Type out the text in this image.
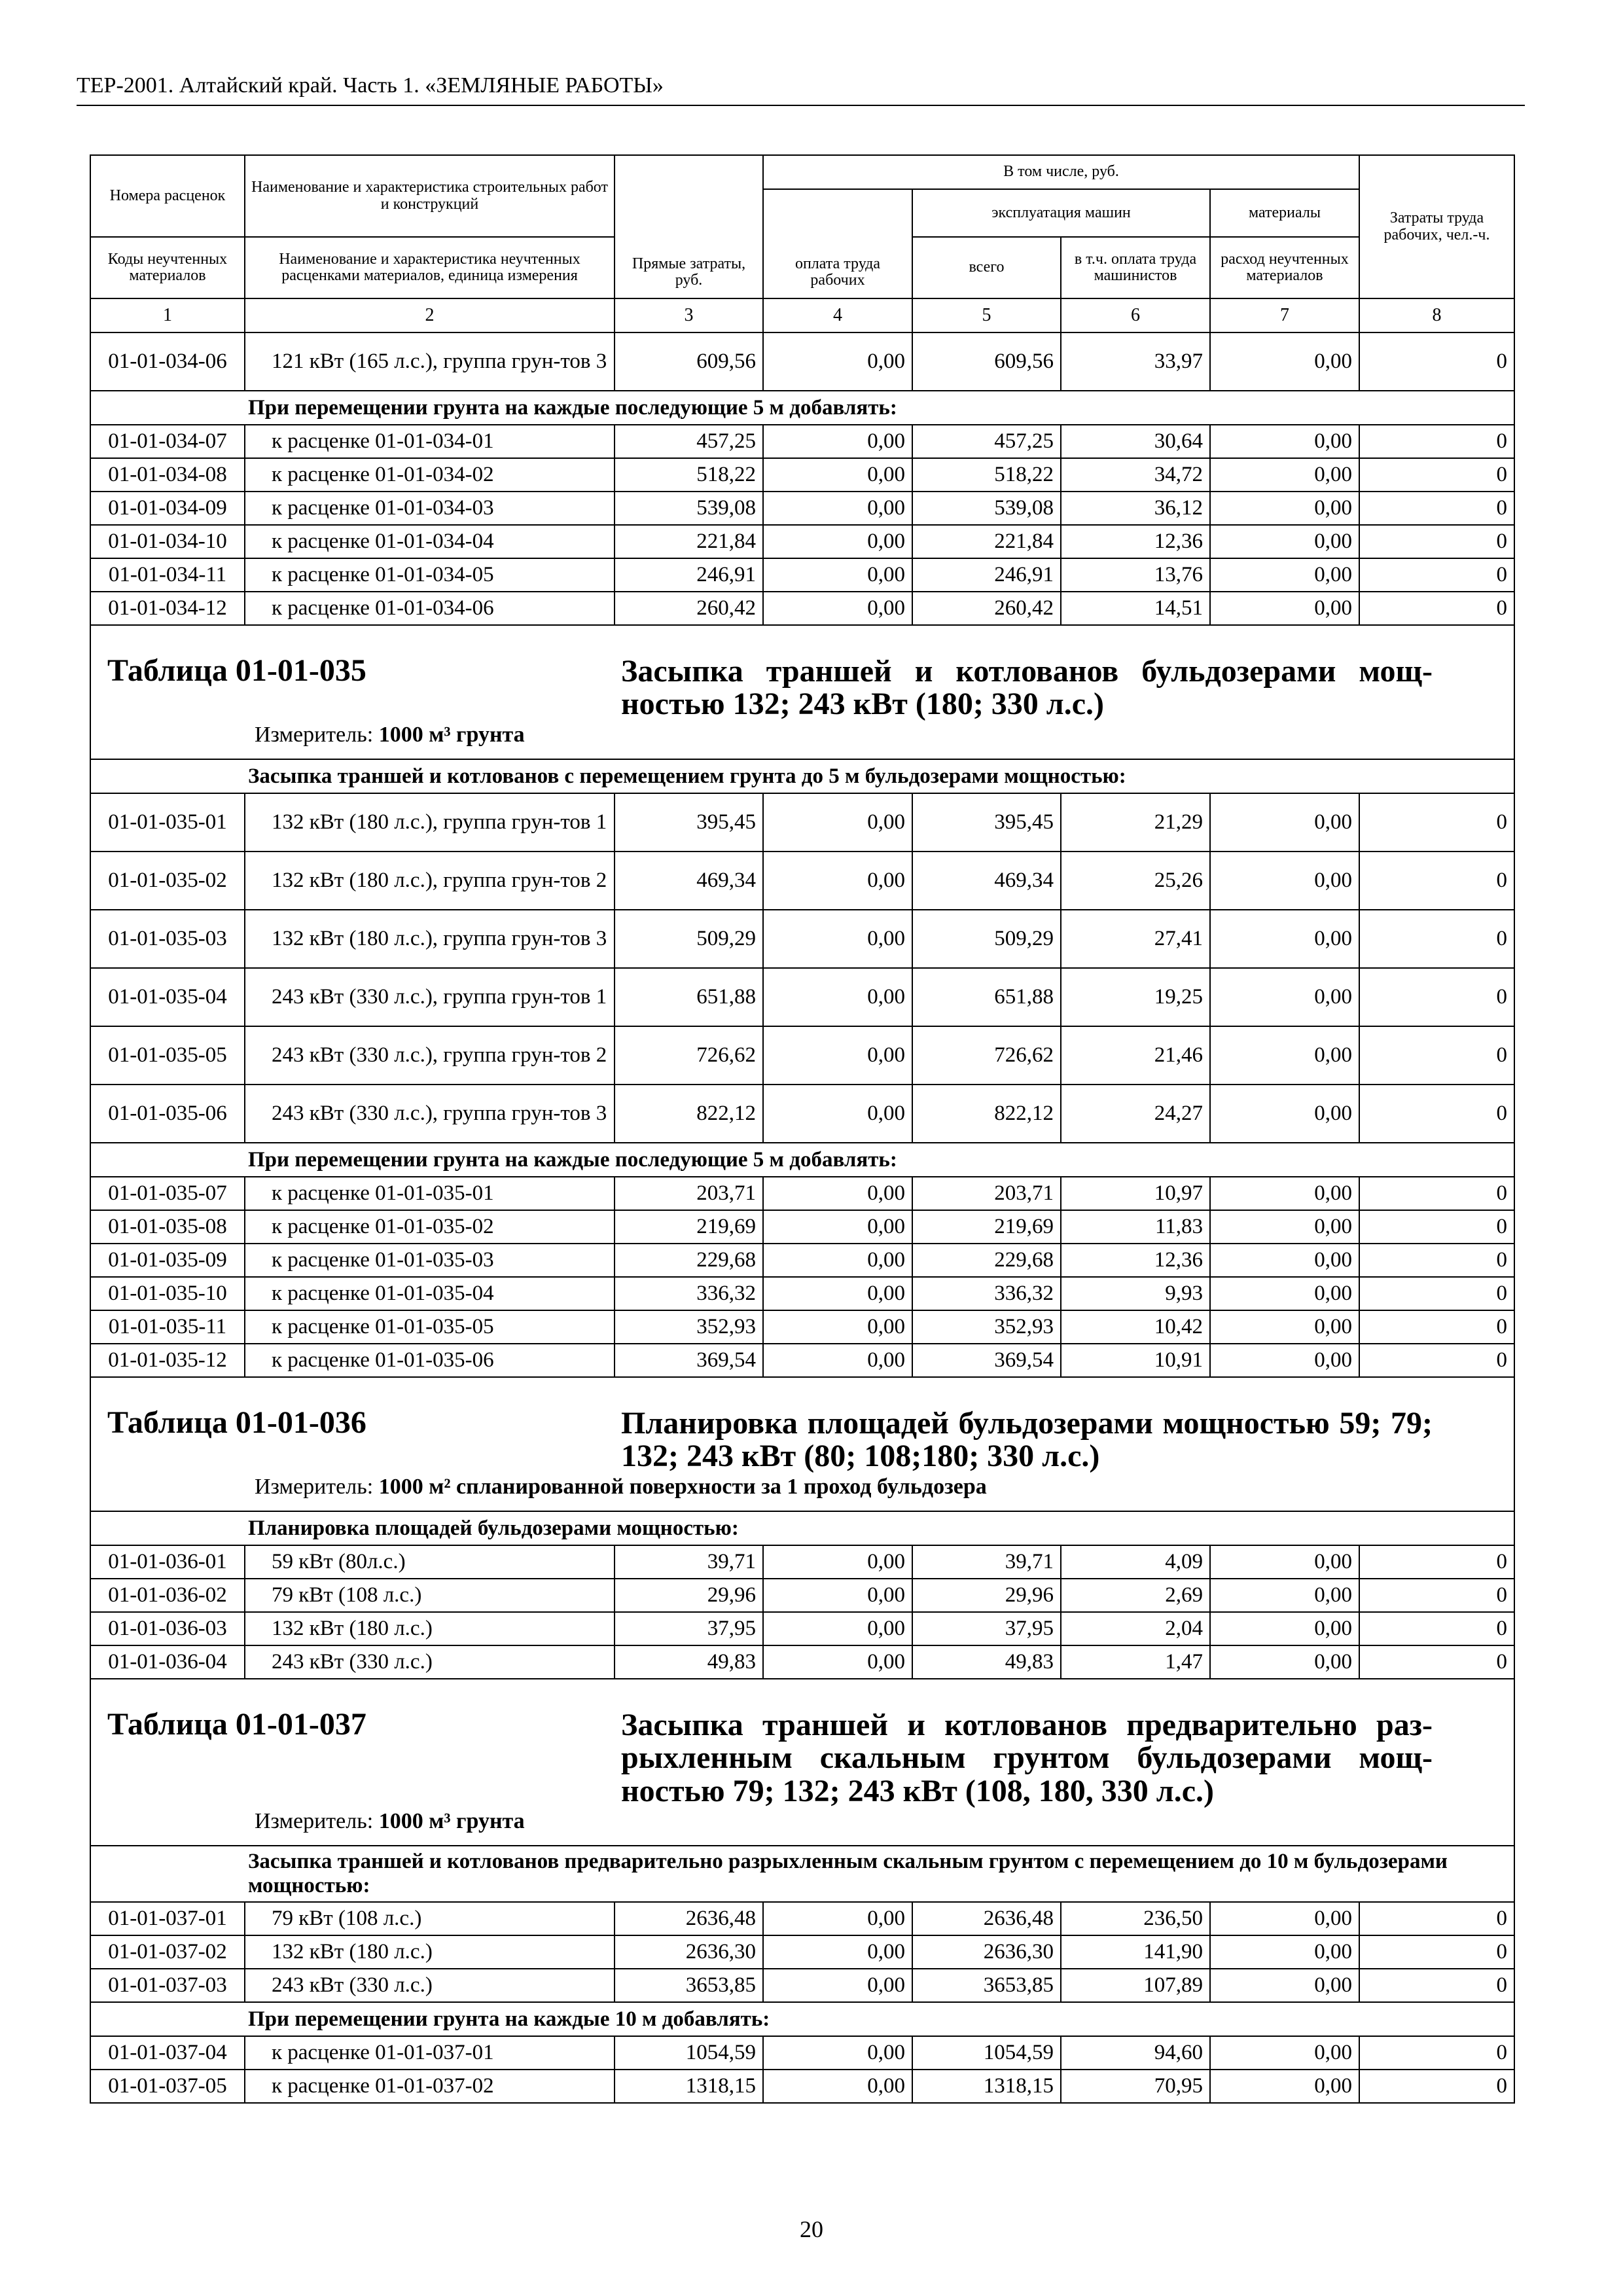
ТЕР-2001. Алтайский край. Часть 1. «ЗЕМЛЯНЫЕ РАБОТЫ»
Номера расценок	Наименование и характеристика строительных работ и конструкций	Прямые затраты, руб.	В том числе, руб.				Затраты труда рабочих, чел.-ч.
			оплата труда рабочих	эксплуатация машин		материалы	
Коды неучтенных материалов	Наименование и характеристика неучтенных расценками материалов, единица измерения			всего	в т.ч. оплата труда машинистов	расход неучтенных материалов	
1	2	3	4	5	6	7	8
01-01-034-06	121 кВт (165 л.с.), группа грун-тов 3	609,56	0,00	609,56	33,97	0,00	0
При перемещении грунта на каждые последующие 5 м добавлять:							
01-01-034-07	к расценке 01-01-034-01	457,25	0,00	457,25	30,64	0,00	0
01-01-034-08	к расценке 01-01-034-02	518,22	0,00	518,22	34,72	0,00	0
01-01-034-09	к расценке 01-01-034-03	539,08	0,00	539,08	36,12	0,00	0
01-01-034-10	к расценке 01-01-034-04	221,84	0,00	221,84	12,36	0,00	0
01-01-034-11	к расценке 01-01-034-05	246,91	0,00	246,91	13,76	0,00	0
01-01-034-12	к расценке 01-01-034-06	260,42	0,00	260,42	14,51	0,00	0

Таблица 01-01-035 Засыпка траншей и котлованов бульдозерами мощ-ностью 132; 243 кВт (180; 330 л.с.)
Измеритель: 1000 м³ грунта							

Засыпка траншей и котлованов с перемещением грунта до 5 м бульдозерами мощностью:							
01-01-035-01	132 кВт (180 л.с.), группа грун-тов 1	395,45	0,00	395,45	21,29	0,00	0
01-01-035-02	132 кВт (180 л.с.), группа грун-тов 2	469,34	0,00	469,34	25,26	0,00	0
01-01-035-03	132 кВт (180 л.с.), группа грун-тов 3	509,29	0,00	509,29	27,41	0,00	0
01-01-035-04	243 кВт (330 л.с.), группа грун-тов 1	651,88	0,00	651,88	19,25	0,00	0
01-01-035-05	243 кВт (330 л.с.), группа грун-тов 2	726,62	0,00	726,62	21,46	0,00	0
01-01-035-06	243 кВт (330 л.с.), группа грун-тов 3	822,12	0,00	822,12	24,27	0,00	0
При перемещении грунта на каждые последующие 5 м добавлять:							
01-01-035-07	к расценке 01-01-035-01	203,71	0,00	203,71	10,97	0,00	0
01-01-035-08	к расценке 01-01-035-02	219,69	0,00	219,69	11,83	0,00	0
01-01-035-09	к расценке 01-01-035-03	229,68	0,00	229,68	12,36	0,00	0
01-01-035-10	к расценке 01-01-035-04	336,32	0,00	336,32	9,93	0,00	0
01-01-035-11	к расценке 01-01-035-05	352,93	0,00	352,93	10,42	0,00	0
01-01-035-12	к расценке 01-01-035-06	369,54	0,00	369,54	10,91	0,00	0

Таблица 01-01-036 Планировка площадей бульдозерами мощностью 59; 79; 132; 243 кВт (80; 108;180; 330 л.с.)
Измеритель: 1000 м² спланированной поверхности за 1 проход бульдозера							

Планировка площадей бульдозерами мощностью:							
01-01-036-01	59 кВт (80л.с.)	39,71	0,00	39,71	4,09	0,00	0
01-01-036-02	79 кВт (108 л.с.)	29,96	0,00	29,96	2,69	0,00	0
01-01-036-03	132 кВт (180 л.с.)	37,95	0,00	37,95	2,04	0,00	0
01-01-036-04	243 кВт (330 л.с.)	49,83	0,00	49,83	1,47	0,00	0

Таблица 01-01-037 Засыпка траншей и котлованов предварительно раз-рыхленным скальным грунтом бульдозерами мощ-ностью 79; 132; 243 кВт (108, 180, 330 л.с.)
Измеритель: 1000 м³ грунта							

Засыпка траншей и котлованов предварительно разрыхленным скальным грунтом с перемещением до 10 м бульдозерами мощностью:							
01-01-037-01	79 кВт (108 л.с.)	2636,48	0,00	2636,48	236,50	0,00	0
01-01-037-02	132 кВт (180 л.с.)	2636,30	0,00	2636,30	141,90	0,00	0
01-01-037-03	243 кВт (330 л.с.)	3653,85	0,00	3653,85	107,89	0,00	0
При перемещении грунта на каждые 10 м добавлять:							
01-01-037-04	к расценке 01-01-037-01	1054,59	0,00	1054,59	94,60	0,00	0
01-01-037-05	к расценке 01-01-037-02	1318,15	0,00	1318,15	70,95	0,00	0
20
